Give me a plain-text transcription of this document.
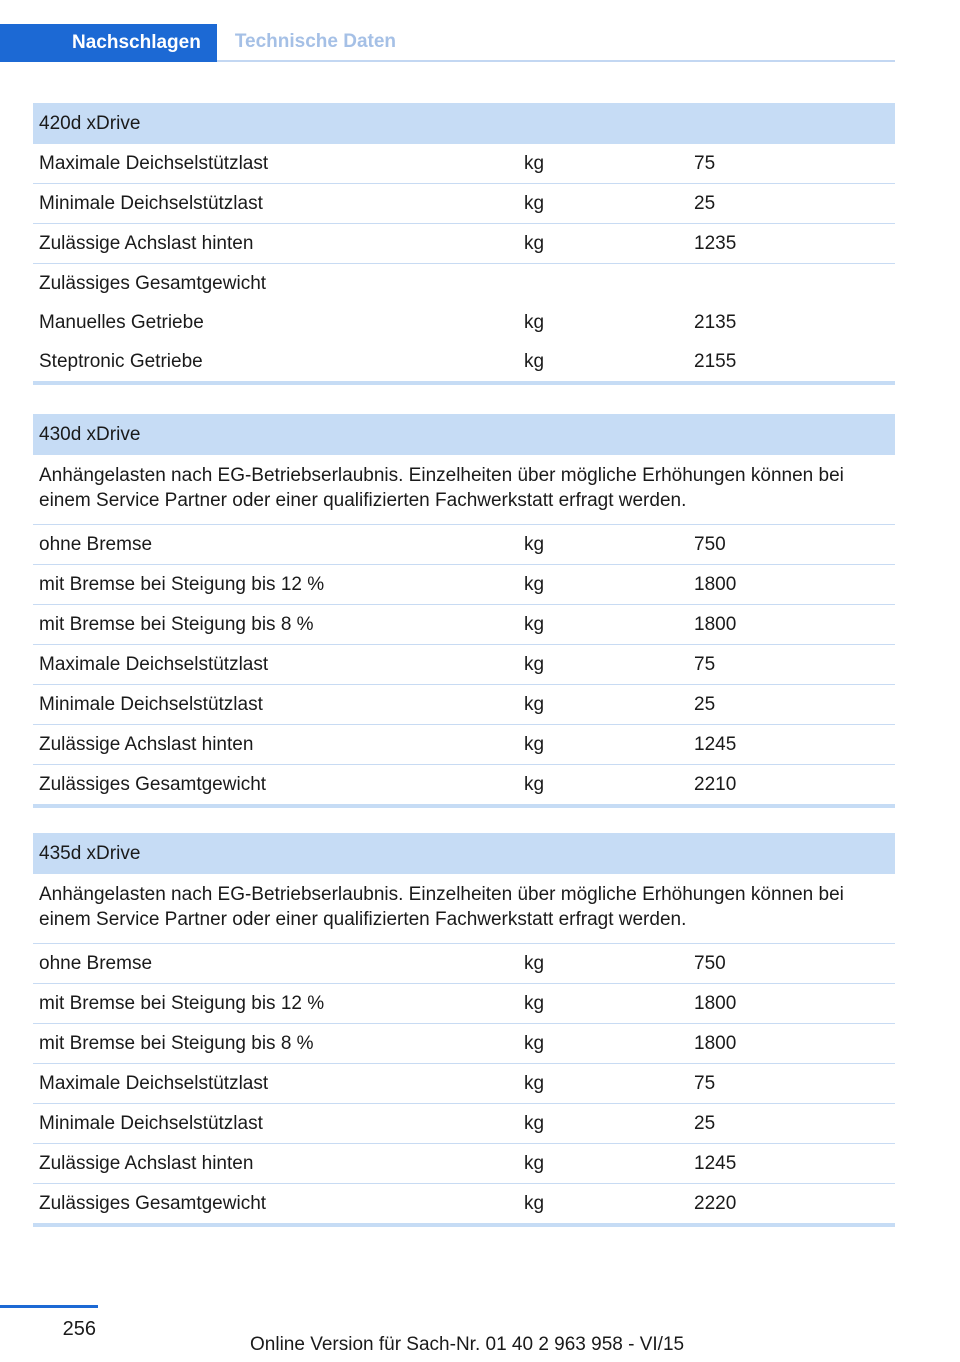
Nachschlagen	Technische Daten
420d xDrive		
Maximale Deichselstützlast	kg	75
Minimale Deichselstützlast	kg	25
Zulässige Achslast hinten	kg	1235
Zulässiges Gesamtgewicht		
Manuelles Getriebe	kg	2135
Steptronic Getriebe	kg	2155
430d xDrive		
Anhängelasten nach EG-Betriebserlaubnis. Einzelheiten über mögliche Erhöhungen können bei einem Service Partner oder einer qualifizierten Fachwerkstatt erfragt werden.		
ohne Bremse	kg	750
mit Bremse bei Steigung bis 12 %	kg	1800
mit Bremse bei Steigung bis 8 %	kg	1800
Maximale Deichselstützlast	kg	75
Minimale Deichselstützlast	kg	25
Zulässige Achslast hinten	kg	1245
Zulässiges Gesamtgewicht	kg	2210
435d xDrive		
Anhängelasten nach EG-Betriebserlaubnis. Einzelheiten über mögliche Erhöhungen können bei einem Service Partner oder einer qualifizierten Fachwerkstatt erfragt werden.		
ohne Bremse	kg	750
mit Bremse bei Steigung bis 12 %	kg	1800
mit Bremse bei Steigung bis 8 %	kg	1800
Maximale Deichselstützlast	kg	75
Minimale Deichselstützlast	kg	25
Zulässige Achslast hinten	kg	1245
Zulässiges Gesamtgewicht	kg	2220
256
Online Version für Sach-Nr. 01 40 2 963 958 - VI/15
